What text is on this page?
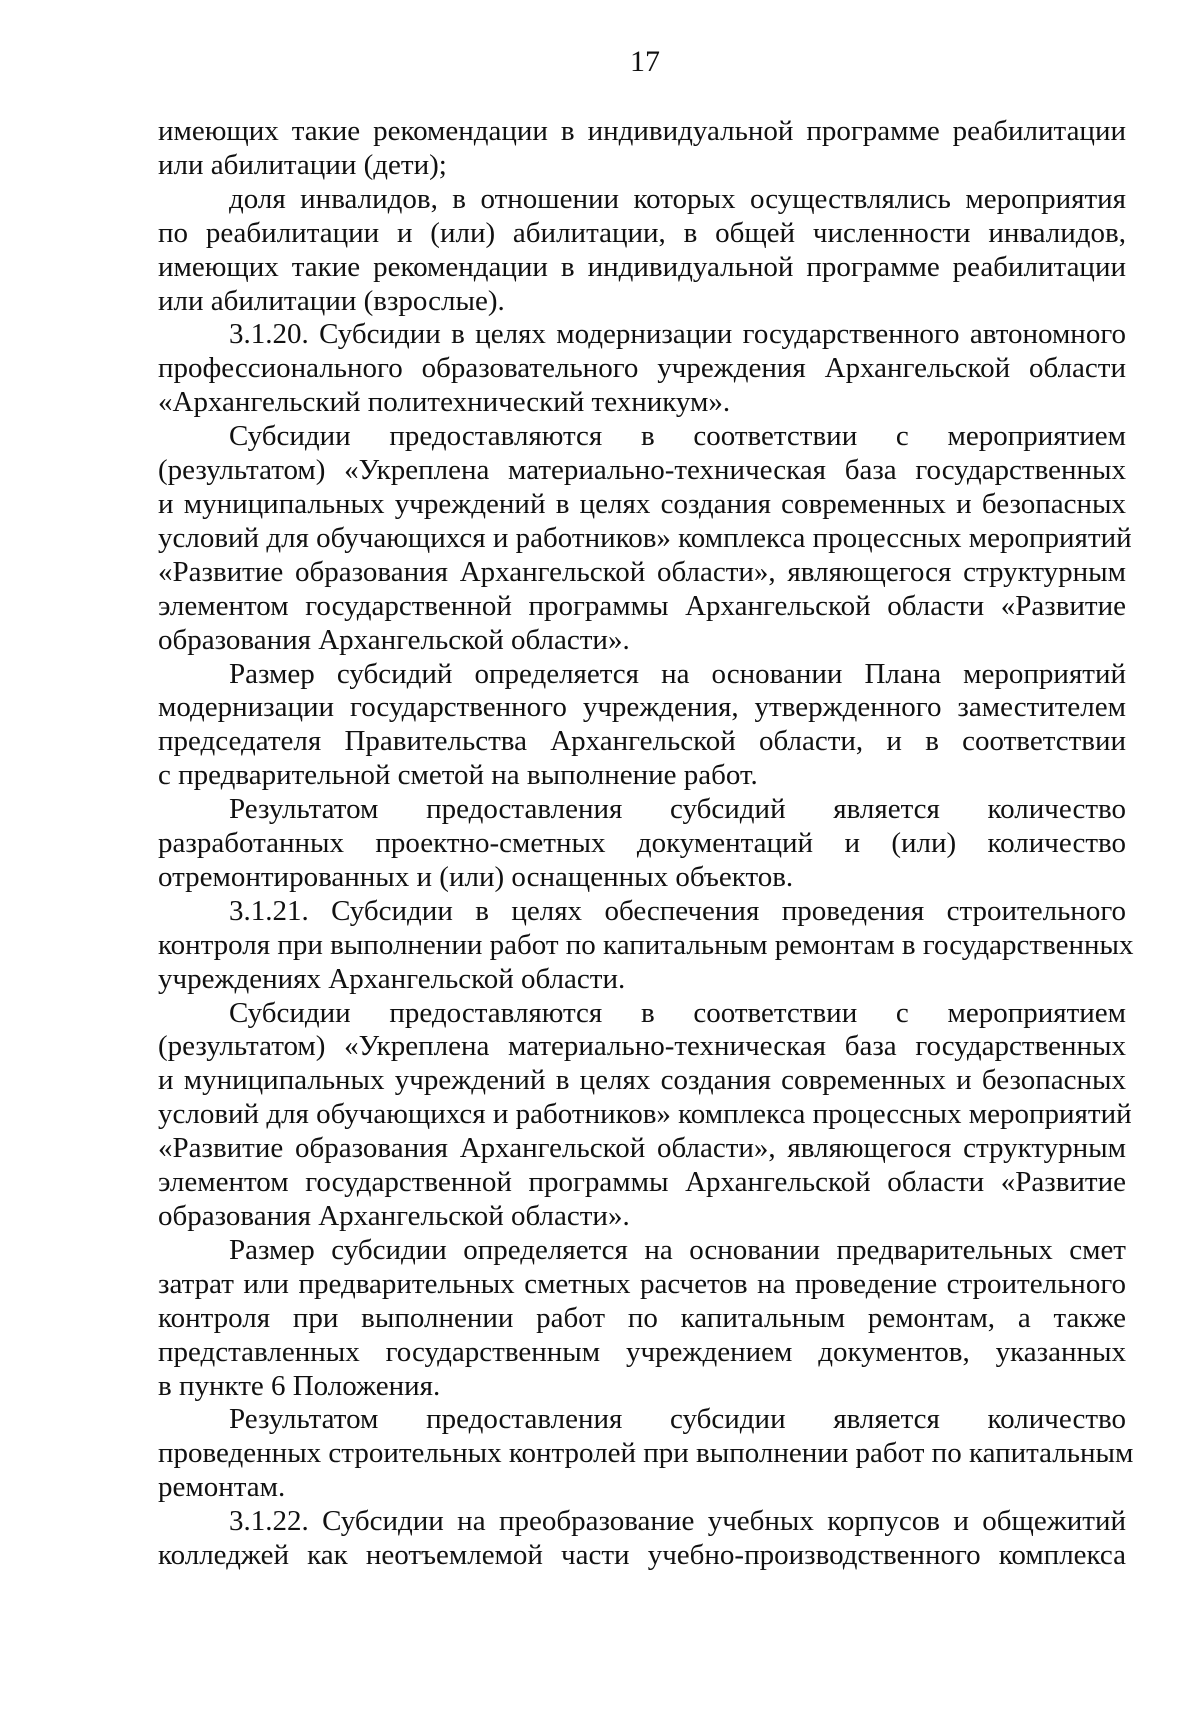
17
имеющих такие рекомендации в индивидуальной программе реабилитации
или абилитации (дети);
доля инвалидов, в отношении которых осуществлялись мероприятия
по реабилитации и (или) абилитации, в общей численности инвалидов,
имеющих такие рекомендации в индивидуальной программе реабилитации
или абилитации (взрослые).
3.1.20. Субсидии в целях модернизации государственного автономного
профессионального образовательного учреждения Архангельской области
«Архангельский политехнический техникум».
Субсидии предоставляются в соответствии с мероприятием
(результатом) «Укреплена материально-техническая база государственных
и муниципальных учреждений в целях создания современных и безопасных
условий для обучающихся и работников» комплекса процессных мероприятий
«Развитие образования Архангельской области», являющегося структурным
элементом государственной программы Архангельской области «Развитие
образования Архангельской области».
Размер субсидий определяется на основании Плана мероприятий
модернизации государственного учреждения, утвержденного заместителем
председателя Правительства Архангельской области, и в соответствии
с предварительной сметой на выполнение работ.
Результатом предоставления субсидий является количество
разработанных проектно-сметных документаций и (или) количество
отремонтированных и (или) оснащенных объектов.
3.1.21. Субсидии в целях обеспечения проведения строительного
контроля при выполнении работ по капитальным ремонтам в государственных
учреждениях Архангельской области.
Субсидии предоставляются в соответствии с мероприятием
(результатом) «Укреплена материально-техническая база государственных
и муниципальных учреждений в целях создания современных и безопасных
условий для обучающихся и работников» комплекса процессных мероприятий
«Развитие образования Архангельской области», являющегося структурным
элементом государственной программы Архангельской области «Развитие
образования Архангельской области».
Размер субсидии определяется на основании предварительных смет
затрат или предварительных сметных расчетов на проведение строительного
контроля при выполнении работ по капитальным ремонтам, а также
представленных государственным учреждением документов, указанных
в пункте 6 Положения.
Результатом предоставления субсидии является количество
проведенных строительных контролей при выполнении работ по капитальным
ремонтам.
3.1.22. Субсидии на преобразование учебных корпусов и общежитий
колледжей как неотъемлемой части учебно-производственного комплекса
